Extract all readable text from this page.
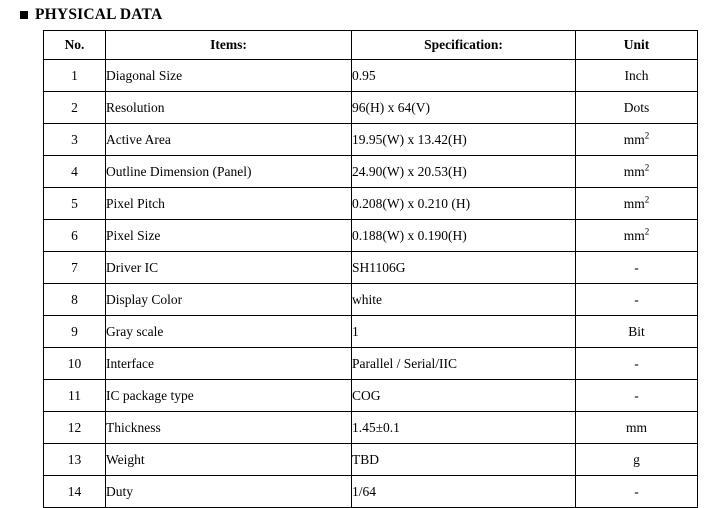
PHYSICAL DATA
No.	Items:	Specification:	Unit
1	Diagonal Size	0.95	Inch
2	Resolution	96(H) x 64(V)	Dots
3	Active Area	19.95(W) x 13.42(H)	$mm^2$
4	Outline Dimension (Panel)	24.90(W) x 20.53(H)	$mm^2$
5	Pixel Pitch	0.208(W) x 0.210 (H)	$mm^2$
6	Pixel Size	0.188(W) x 0.190(H)	$mm^2$
7	Driver IC	SH1106G	-
8	Display Color	white	-
9	Gray scale	1	Bit
10	Interface	Parallel / Serial/IIC	-
11	IC package type	COG	-
12	Thickness	1.45±0.1	mm
13	Weight	TBD	g
14	Duty	1/64	-
